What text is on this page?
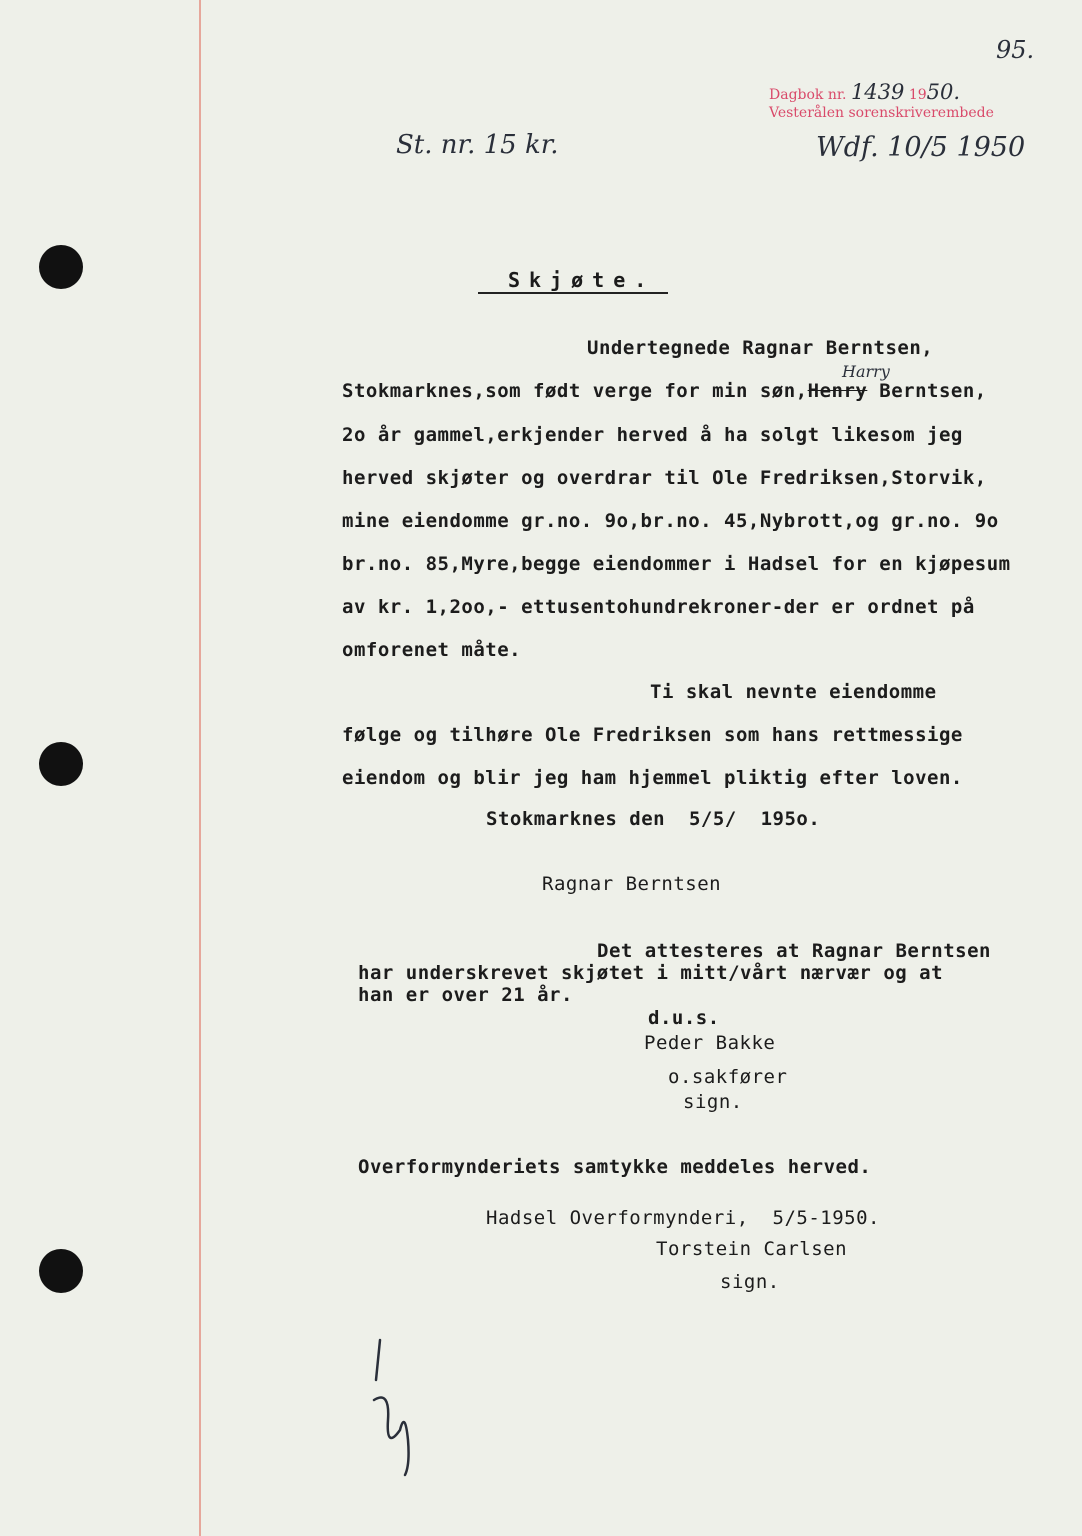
95.
Dagbok nr. 1439 1950.
Vesterålen sorenskriverembede
St. nr. 15 kr.	Wdf. 10/5 1950
Skjøte.
Undertegnede Ragnar Berntsen,
Harry
Stokmarknes,som født verge for min søn,Henry Berntsen,
2o år gammel,erkjender herved å ha solgt likesom jeg
herved skjøter og overdrar til Ole Fredriksen,Storvik,
mine eiendomme gr.no. 9o,br.no. 45,Nybrott,og gr.no. 9o
br.no. 85,Myre,begge eiendommer i Hadsel for en kjøpesum
av kr. 1,2oo,- ettusentohundrekroner-der er ordnet på
omforenet måte.
Ti skal nevnte eiendomme
følge og tilhøre Ole Fredriksen som hans rettmessige
eiendom og blir jeg ham hjemmel pliktig efter loven.
Stokmarknes den  5/5/  195o.
Ragnar Berntsen
Det attesteres at Ragnar Berntsen
har underskrevet skjøtet i mitt/vårt nærvær og at
han er over 21 år.
d.u.s.
Peder Bakke
o.sakfører
sign.
Overformynderiets samtykke meddeles herved.
Hadsel Overformynderi,  5/5-1950.
Torstein Carlsen
sign.
